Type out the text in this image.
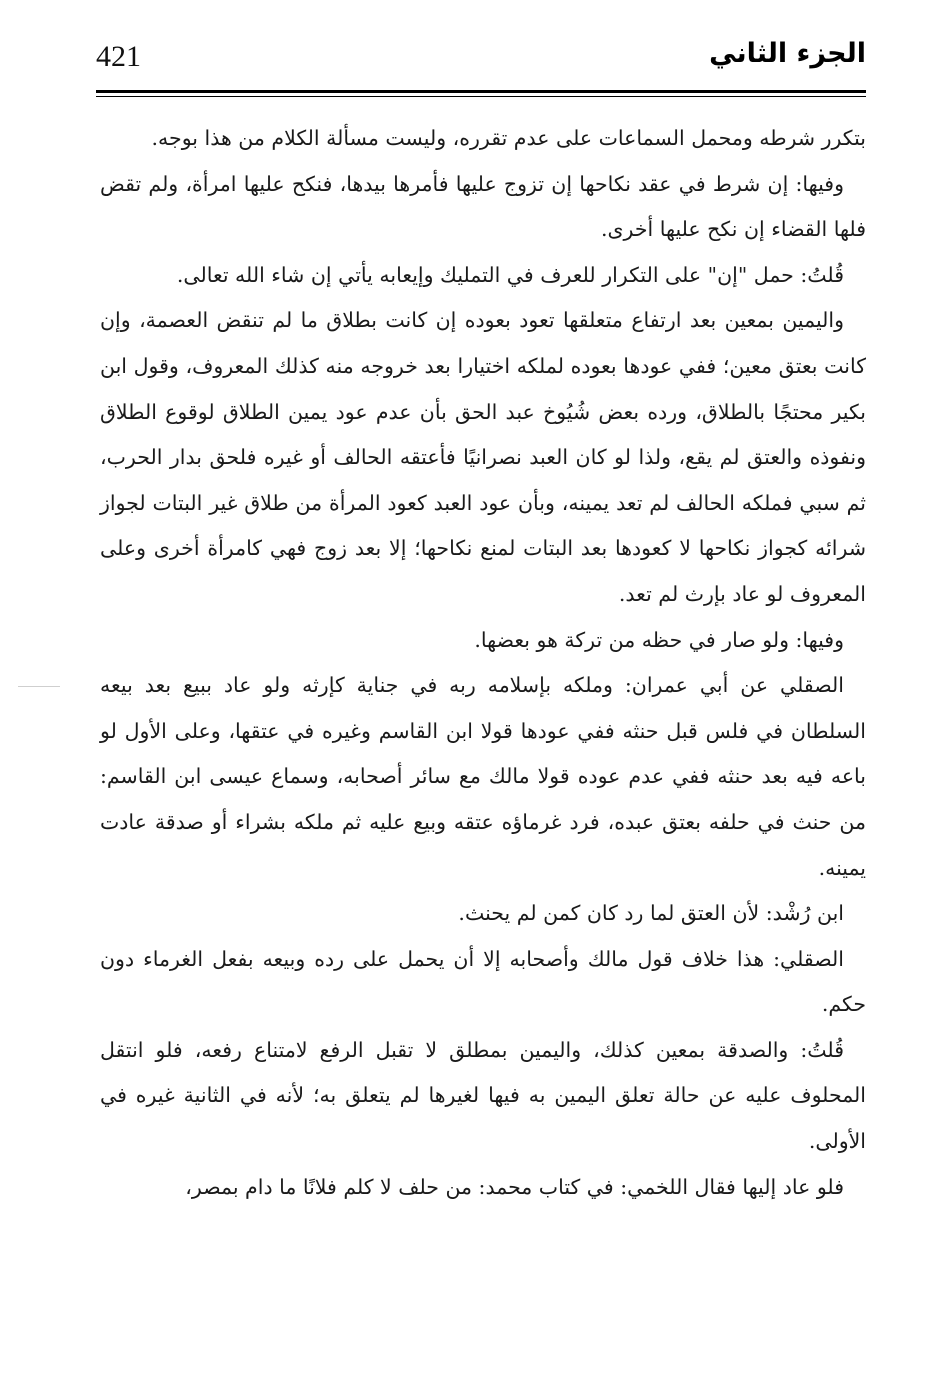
421	الجزء الثاني

بتكرر شرطه ومحمل السماعات على عدم تقرره، وليست مسألة الكلام من هذا بوجه.

وفيها: إن شرط في عقد نكاحها إن تزوج عليها فأمرها بيدها، فنكح عليها امرأة، ولم تقض فلها القضاء إن نكح عليها أخرى.

قُلتُ: حمل "إن" على التكرار للعرف في التمليك وإيعابه يأتي إن شاء الله تعالى.

واليمين بمعين بعد ارتفاع متعلقها تعود بعوده إن كانت بطلاق ما لم تنقض العصمة، وإن كانت بعتق معين؛ ففي عودها بعوده لملكه اختيارا بعد خروجه منه كذلك المعروف، وقول ابن بكير محتجًا بالطلاق، ورده بعض شُيُوخ عبد الحق بأن عدم عود يمين الطلاق لوقوع الطلاق ونفوذه والعتق لم يقع، ولذا لو كان العبد نصرانيًا فأعتقه الحالف أو غيره فلحق بدار الحرب، ثم سبي فملكه الحالف لم تعد يمينه، وبأن عود العبد كعود المرأة من طلاق غير البتات لجواز شرائه كجواز نكاحها لا كعودها بعد البتات لمنع نكاحها؛ إلا بعد زوج فهي كامرأة أخرى وعلى المعروف لو عاد بإرث لم تعد.

وفيها: ولو صار في حظه من تركة هو بعضها.

الصقلي عن أبي عمران: وملكه بإسلامه ربه في جناية كإرثه ولو عاد ببيع بعد بيعه السلطان في فلس قبل حنثه ففي عودها قولا ابن القاسم وغيره في عتقها، وعلى الأول لو باعه فيه بعد حنثه ففي عدم عوده قولا مالك مع سائر أصحابه، وسماع عيسى ابن القاسم: من حنث في حلفه بعتق عبده، فرد غرماؤه عتقه وبيع عليه ثم ملكه بشراء أو صدقة عادت يمينه.

ابن رُشْد: لأن العتق لما رد كان كمن لم يحنث.

الصقلي: هذا خلاف قول مالك وأصحابه إلا أن يحمل على رده وبيعه بفعل الغرماء دون حكم.

قُلتُ: والصدقة بمعين كذلك، واليمين بمطلق لا تقبل الرفع لامتناع رفعه، فلو انتقل المحلوف عليه عن حالة تعلق اليمين به فيها لغيرها لم يتعلق به؛ لأنه في الثانية غيره في الأولى.

فلو عاد إليها فقال اللخمي: في كتاب محمد: من حلف لا كلم فلانًا ما دام بمصر،
